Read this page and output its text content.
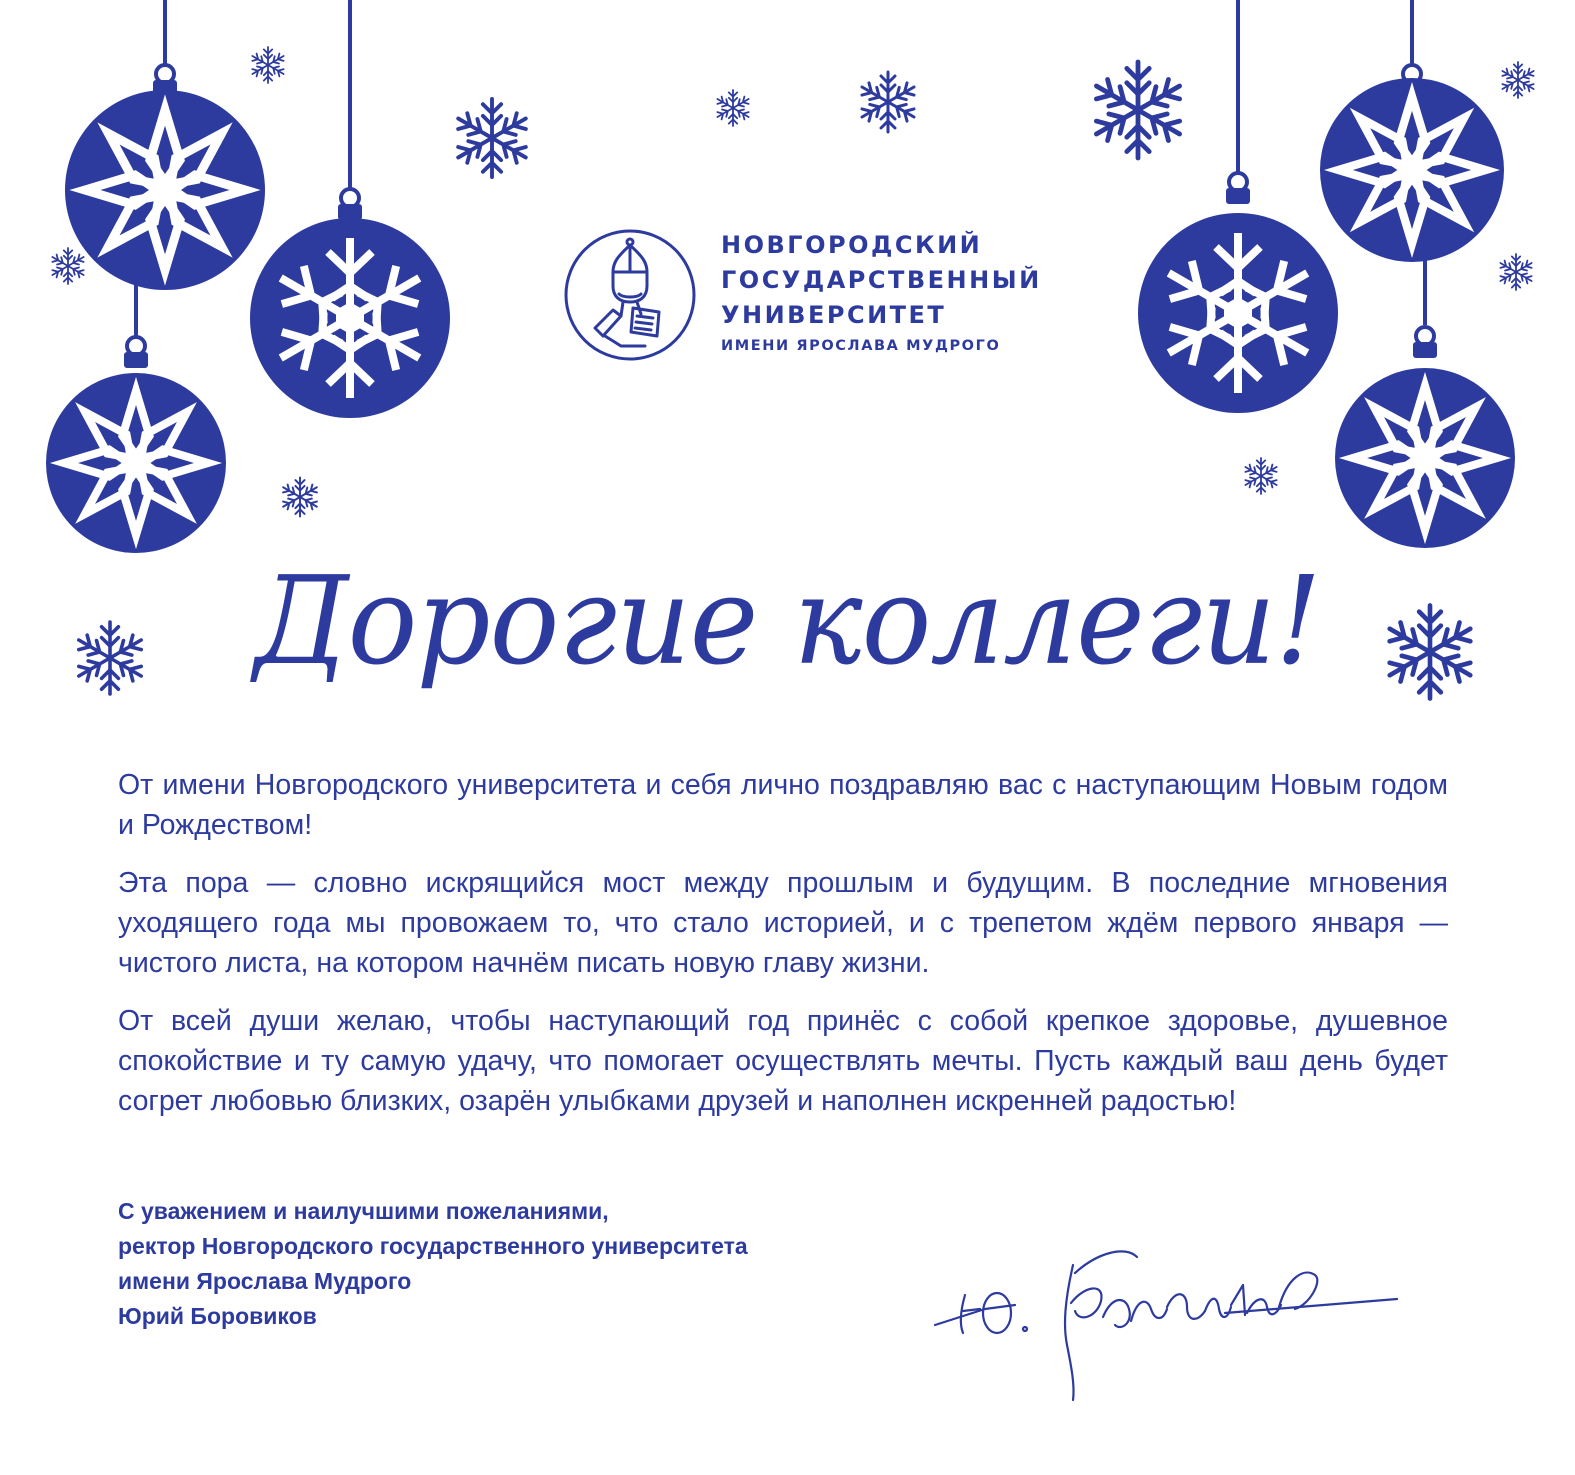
НОВГОРОДСКИЙ
ГОСУДАРСТВЕННЫЙ
УНИВЕРСИТЕТ
ИМЕНИ ЯРОСЛАВА МУДРОГО
Дорогие коллеги!

От имени Новгородского университета и себя лично поздравляю вас с наступающим Новым годом и Рождеством!

Эта пора — словно искрящийся мост между прошлым и будущим. В последние мгновения уходящего года мы провожаем то, что стало историей, и с трепетом ждём первого января — чистого листа, на котором начнём писать новую главу жизни.

От всей души желаю, чтобы наступающий год принёс с собой крепкое здоровье, душевное спокойствие и ту самую удачу, что помогает осуществлять мечты. Пусть каждый ваш день будет согрет любовью близких, озарён улыбками друзей и наполнен искренней радостью!

С уважением и наилучшими пожеланиями,
ректор Новгородского государственного университета
имени Ярослава Мудрого
Юрий Боровиков
